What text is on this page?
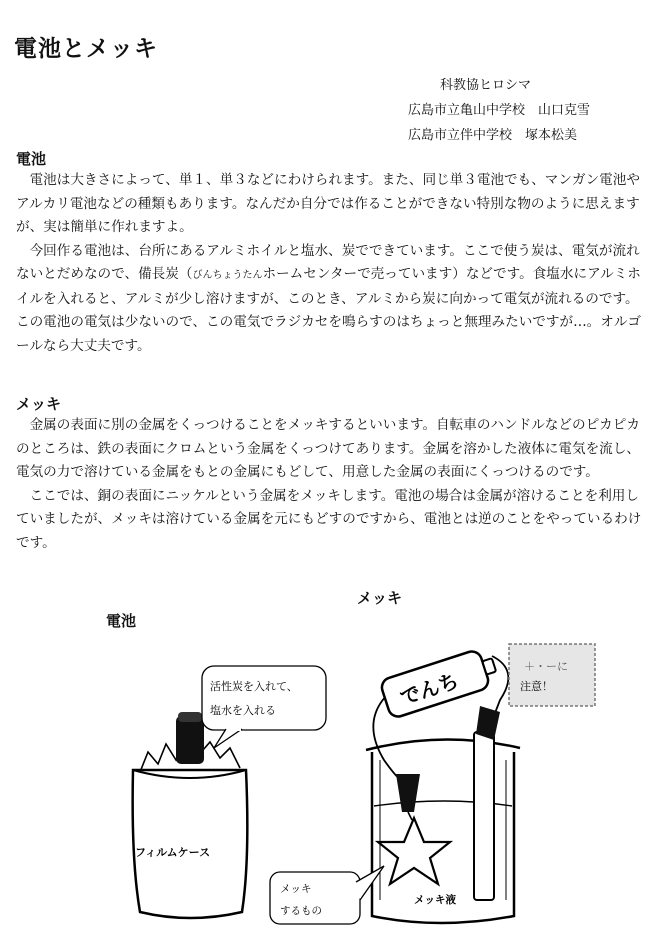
電池とメッキ
科教協ヒロシマ
広島市立亀山中学校　山口克雪
広島市立伴中学校　塚本松美
電池

電池は大きさによって、単１、単３などにわけられます。また、同じ単３電池でも、マンガン電池やアルカリ電池などの種類もあります。なんだか自分では作ることができない特別な物のように思えますが、実は簡単に作れますよ。

今回作る電池は、台所にあるアルミホイルと塩水、炭でできています。ここで使う炭は、電気が流れないとだめなので、備長炭（びんちょうたんホームセンターで売っています）などです。食塩水にアルミホイルを入れると、アルミが少し溶けますが、このとき、アルミから炭に向かって電気が流れるのです。この電池の電気は少ないので、この電気でラジカセを鳴らすのはちょっと無理みたいですが…。オルゴールなら大丈夫です。

メッキ

金属の表面に別の金属をくっつけることをメッキするといいます。自転車のハンドルなどのピカピカのところは、鉄の表面にクロムという金属をくっつけてあります。金属を溶かした液体に電気を流し、電気の力で溶けている金属をもとの金属にもどして、用意した金属の表面にくっつけるのです。

ここでは、銅の表面にニッケルという金属をメッキします。電池の場合は金属が溶けることを利用していましたが、メッキは溶けている金属を元にもどすのですから、電池とは逆のことをやっているわけです。

電池
メッキ
フィルムケース
活性炭を入れて、
塩水を入れる
メッキ液
でんち
＋・ーに
注意！
メッキ
するもの
